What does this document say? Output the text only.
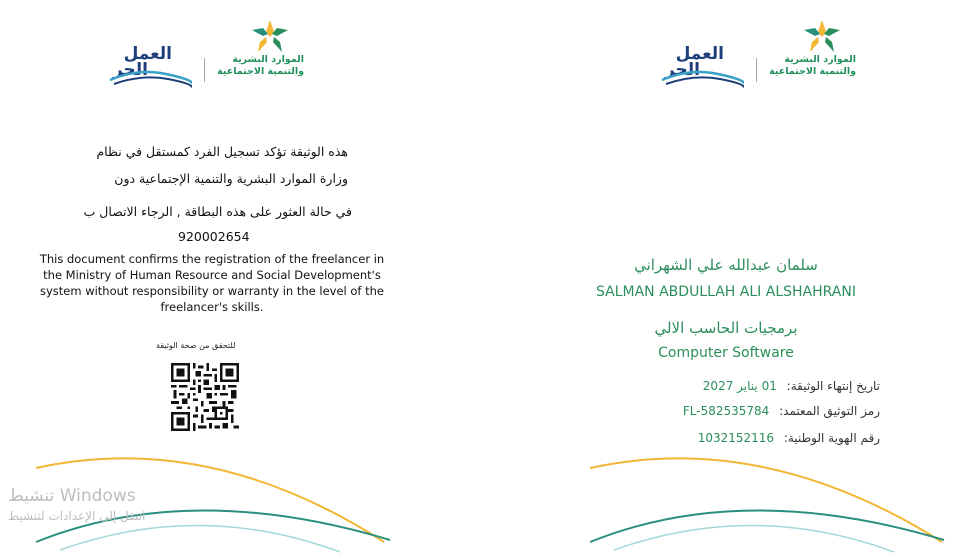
العمل
الحر
الموارد البشرية
والتنمية الاجتماعية
هذه الوثيقة تؤكد تسجيل الفرد كمستقل في نظام
وزارة الموارد البشرية والتنمية الإجتماعية دون
في حالة العثور على هذه البطاقة , الرجاء الاتصال ب
920002654
This document confirms the registration of the freelancer in the Ministry of Human Resource and Social Development's system without responsibility or warranty in the level of the freelancer's skills.
للتحقق من صحة الوثيقة
تنشيط Windows
انتقل إلى الإعدادات لتنشيط
العمل
الحر
الموارد البشرية
والتنمية الاجتماعية
سلمان عبدالله علي الشهراني
SALMAN ABDULLAH ALI ALSHAHRANI
برمجيات الحاسب الالي
Computer Software
تاريخ إنتهاء الوثيقة: 01 يناير 2027
رمز التوثيق المعتمد: FL-582535784
رقم الهوية الوطنية: 1032152116
